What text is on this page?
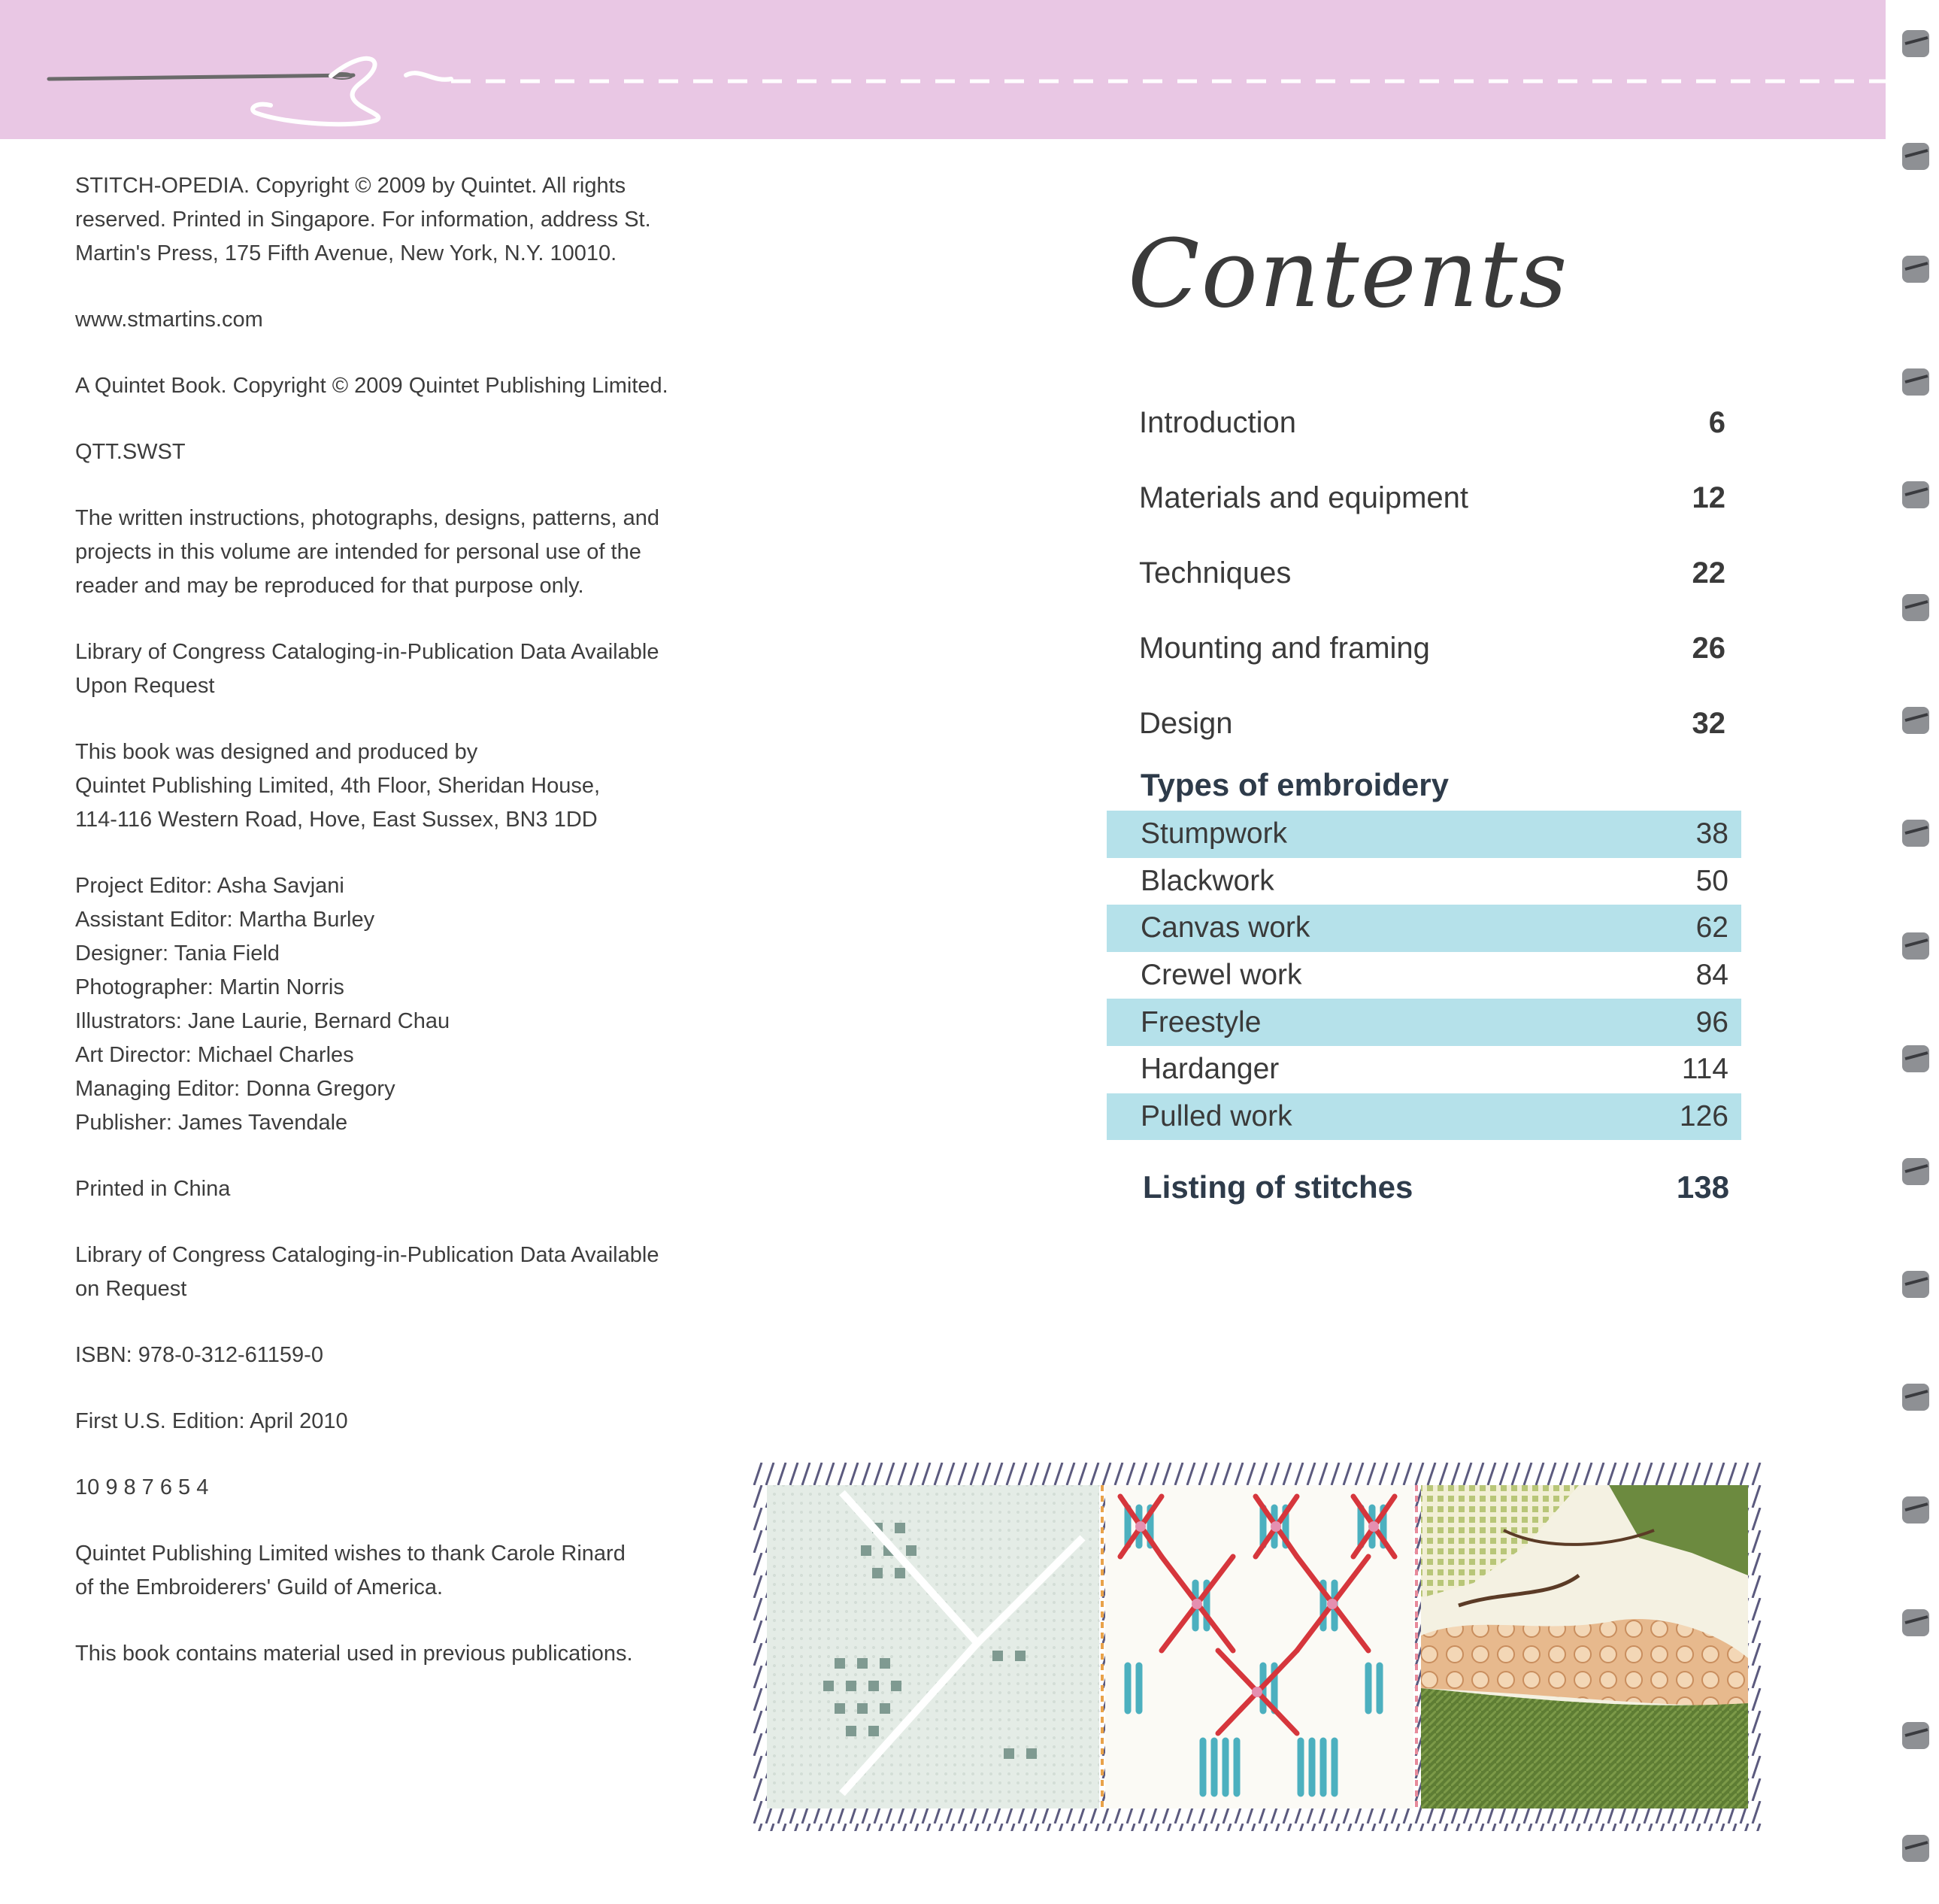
STITCH-OPEDIA. Copyright © 2009 by Quintet. All rights
reserved. Printed in Singapore. For information, address St.
Martin's Press, 175 Fifth Avenue, New York, N.Y. 10010.

www.stmartins.com

A Quintet Book. Copyright © 2009 Quintet Publishing Limited.

QTT.SWST

The written instructions, photographs, designs, patterns, and
projects in this volume are intended for personal use of the
reader and may be reproduced for that purpose only.

Library of Congress Cataloging-in-Publication Data Available
Upon Request

This book was designed and produced by
Quintet Publishing Limited, 4th Floor, Sheridan House,
114-116 Western Road, Hove, East Sussex, BN3 1DD

Project Editor: Asha Savjani
Assistant Editor: Martha Burley
Designer: Tania Field
Photographer: Martin Norris
Illustrators: Jane Laurie, Bernard Chau
Art Director: Michael Charles
Managing Editor: Donna Gregory
Publisher: James Tavendale

Printed in China

Library of Congress Cataloging-in-Publication Data Available
on Request

ISBN: 978-0-312-61159-0

First U.S. Edition: April 2010

10 9 8 7 6 5 4

Quintet Publishing Limited wishes to thank Carole Rinard
of the Embroiderers' Guild of America.

This book contains material used in previous publications.

Contents
Introduction	6
Materials and equipment	12
Techniques	22
Mounting and framing	26
Design	32
Types of embroidery
Stumpwork	38
Blackwork	50
Canvas work	62
Crewel work	84
Freestyle	96
Hardanger	114
Pulled work	126
Listing of stitches	138
